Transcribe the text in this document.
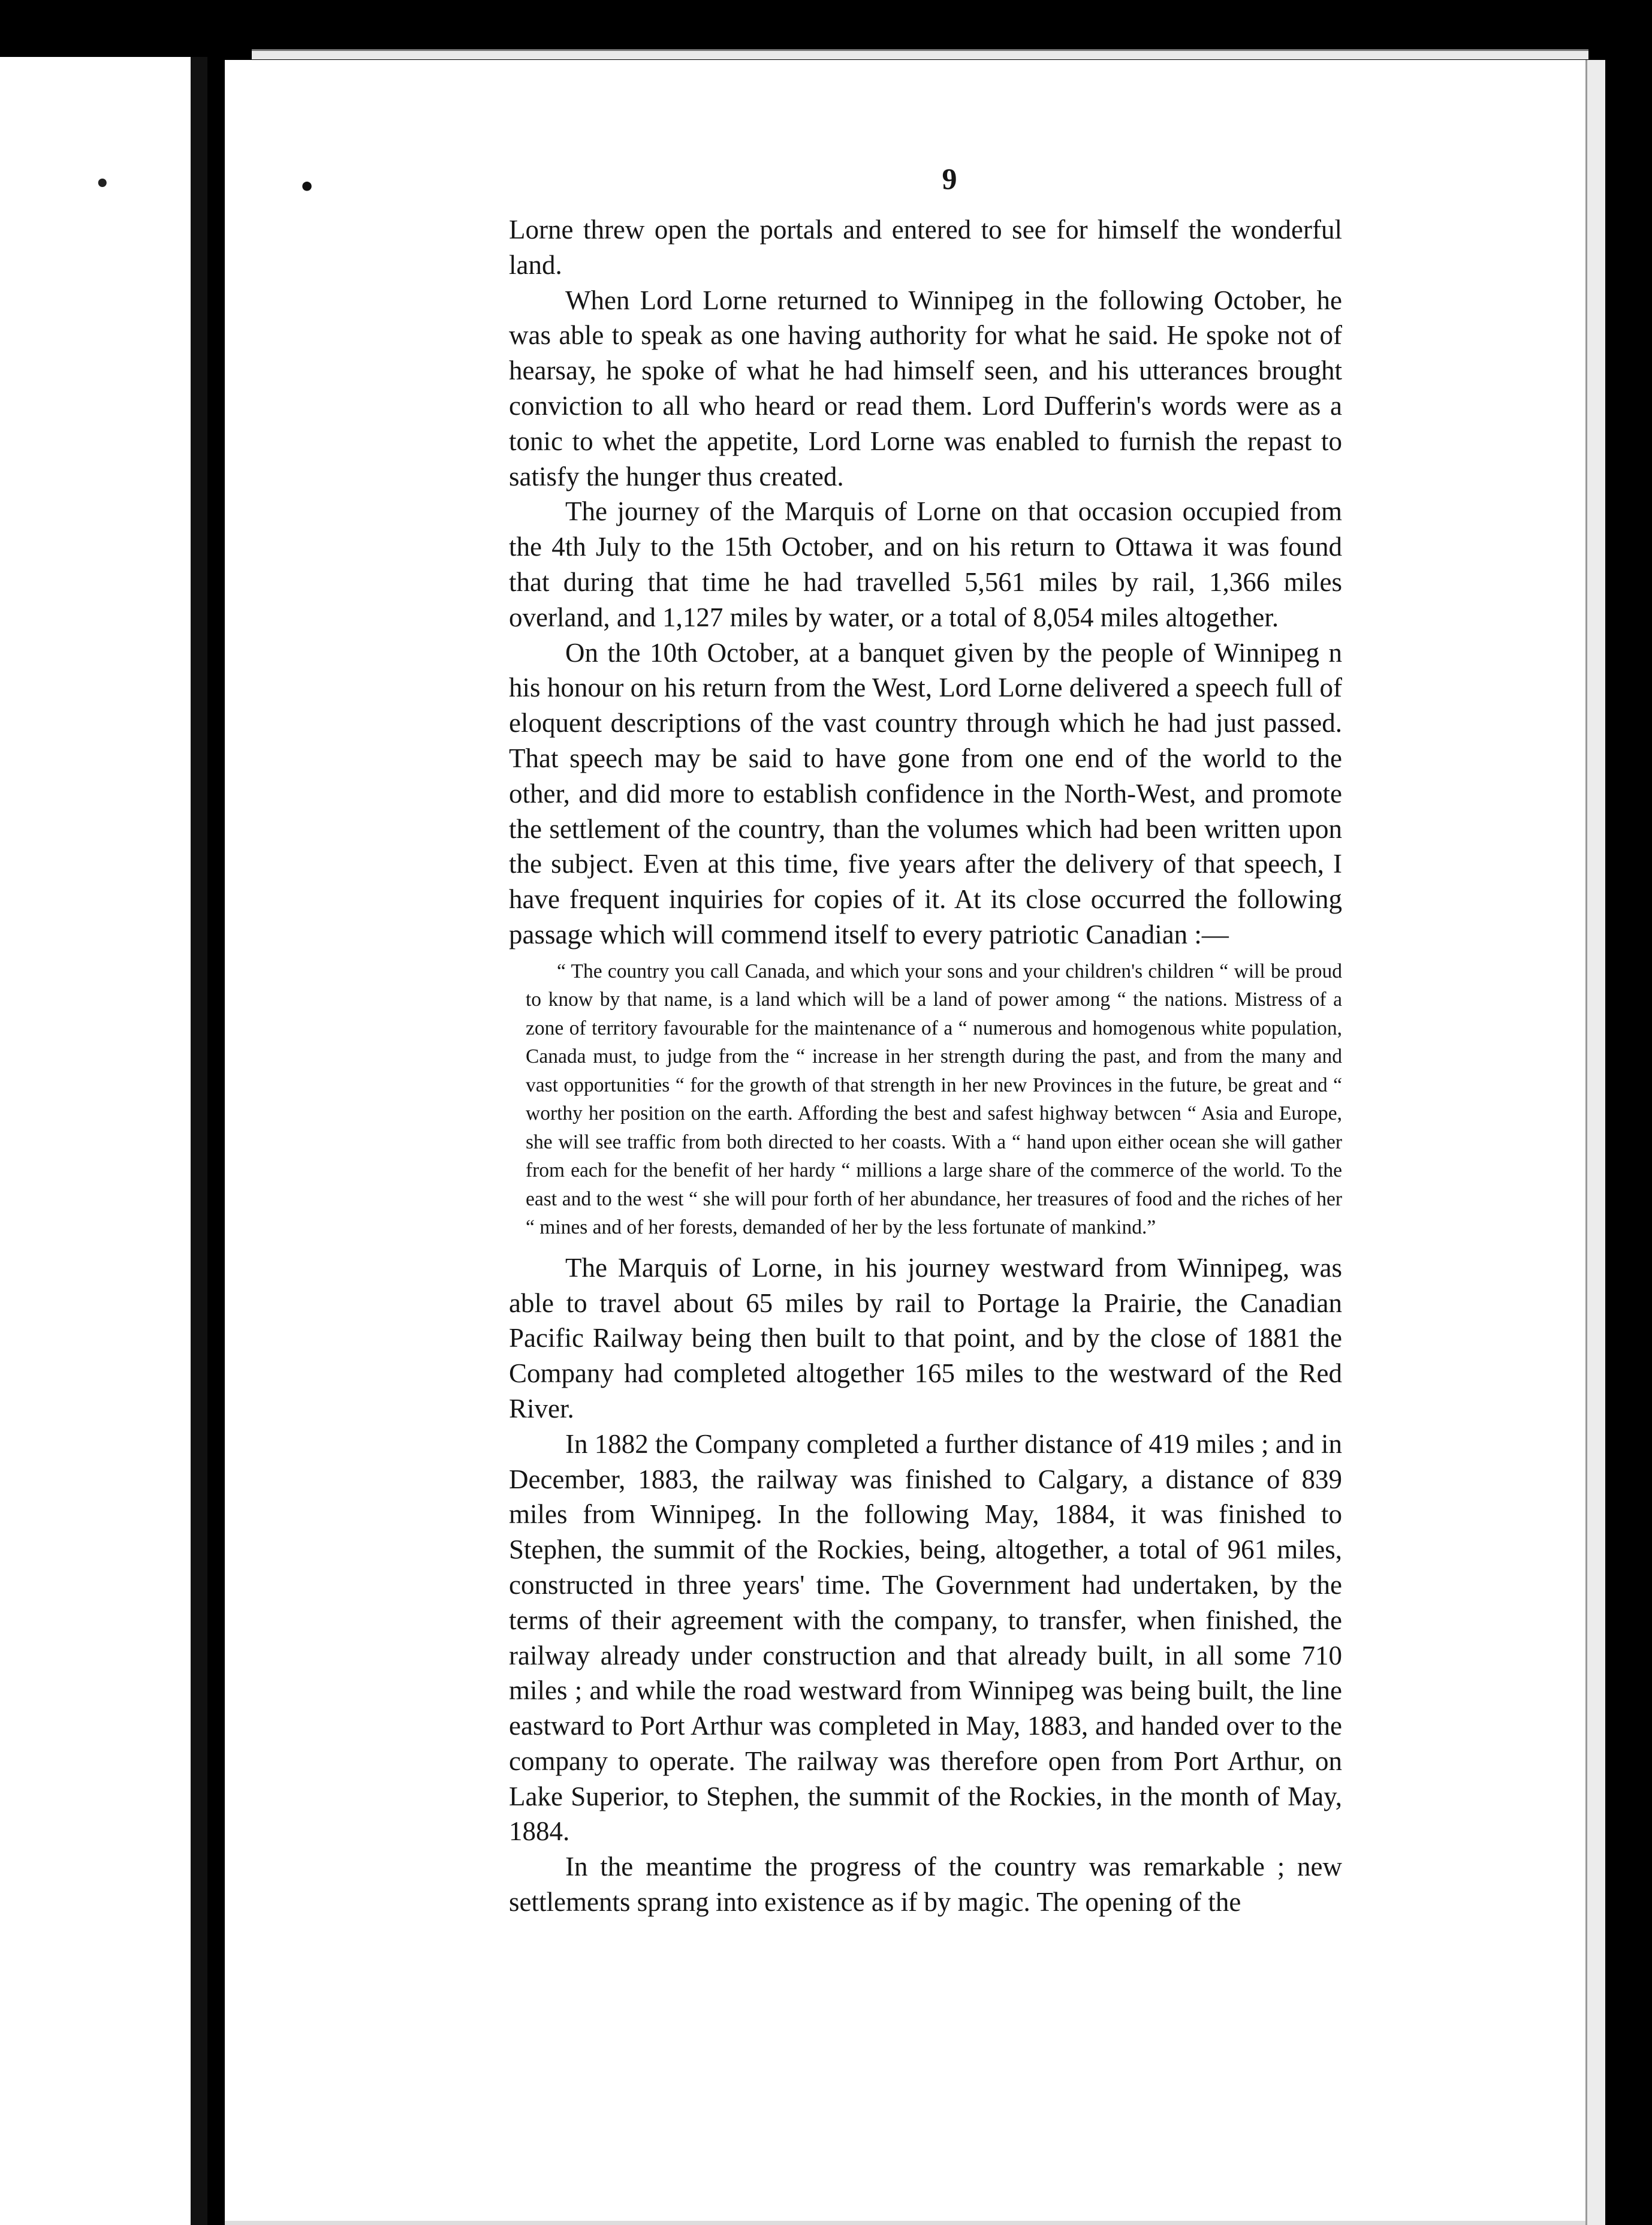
•	•	9

Lorne threw open the portals and entered to see for himself the wonderful land.

When Lord Lorne returned to Winnipeg in the following October, he was able to speak as one having authority for what he said. He spoke not of hearsay, he spoke of what he had himself seen, and his utterances brought conviction to all who heard or read them. Lord Dufferin's words were as a tonic to whet the appetite, Lord Lorne was enabled to furnish the repast to satisfy the hunger thus created.

The journey of the Marquis of Lorne on that occasion occupied from the 4th July to the 15th October, and on his return to Ottawa it was found that during that time he had travelled 5,561 miles by rail, 1,366 miles overland, and 1,127 miles by water, or a total of 8,054 miles altogether.

On the 10th October, at a banquet given by the people of Winnipeg n his honour on his return from the West, Lord Lorne delivered a speech full of eloquent descriptions of the vast country through which he had just passed. That speech may be said to have gone from one end of the world to the other, and did more to establish confidence in the North-West, and promote the settlement of the country, than the volumes which had been written upon the subject. Even at this time, five years after the delivery of that speech, I have frequent inquiries for copies of it. At its close occurred the following passage which will commend itself to every patriotic Canadian :—

“ The country you call Canada, and which your sons and your children's children “ will be proud to know by that name, is a land which will be a land of power among “ the nations. Mistress of a zone of territory favourable for the maintenance of a “ numerous and homogenous white population, Canada must, to judge from the “ increase in her strength during the past, and from the many and vast opportunities “ for the growth of that strength in her new Provinces in the future, be great and “ worthy her position on the earth. Affording the best and safest highway betwcen “ Asia and Europe, she will see traffic from both directed to her coasts. With a “ hand upon either ocean she will gather from each for the benefit of her hardy “ millions a large share of the commerce of the world. To the east and to the west “ she will pour forth of her abundance, her treasures of food and the riches of her “ mines and of her forests, demanded of her by the less fortunate of mankind.”

The Marquis of Lorne, in his journey westward from Winnipeg, was able to travel about 65 miles by rail to Portage la Prairie, the Canadian Pacific Railway being then built to that point, and by the close of 1881 the Company had completed altogether 165 miles to the westward of the Red River.

In 1882 the Company completed a further distance of 419 miles ; and in December, 1883, the railway was finished to Calgary, a distance of 839 miles from Winnipeg. In the following May, 1884, it was finished to Stephen, the summit of the Rockies, being, altogether, a total of 961 miles, constructed in three years' time. The Government had undertaken, by the terms of their agreement with the company, to transfer, when finished, the railway already under construction and that already built, in all some 710 miles ; and while the road westward from Winnipeg was being built, the line eastward to Port Arthur was completed in May, 1883, and handed over to the company to operate. The railway was therefore open from Port Arthur, on Lake Superior, to Stephen, the summit of the Rockies, in the month of May, 1884.

In the meantime the progress of the country was remarkable ; new settlements sprang into existence as if by magic. The opening of the
